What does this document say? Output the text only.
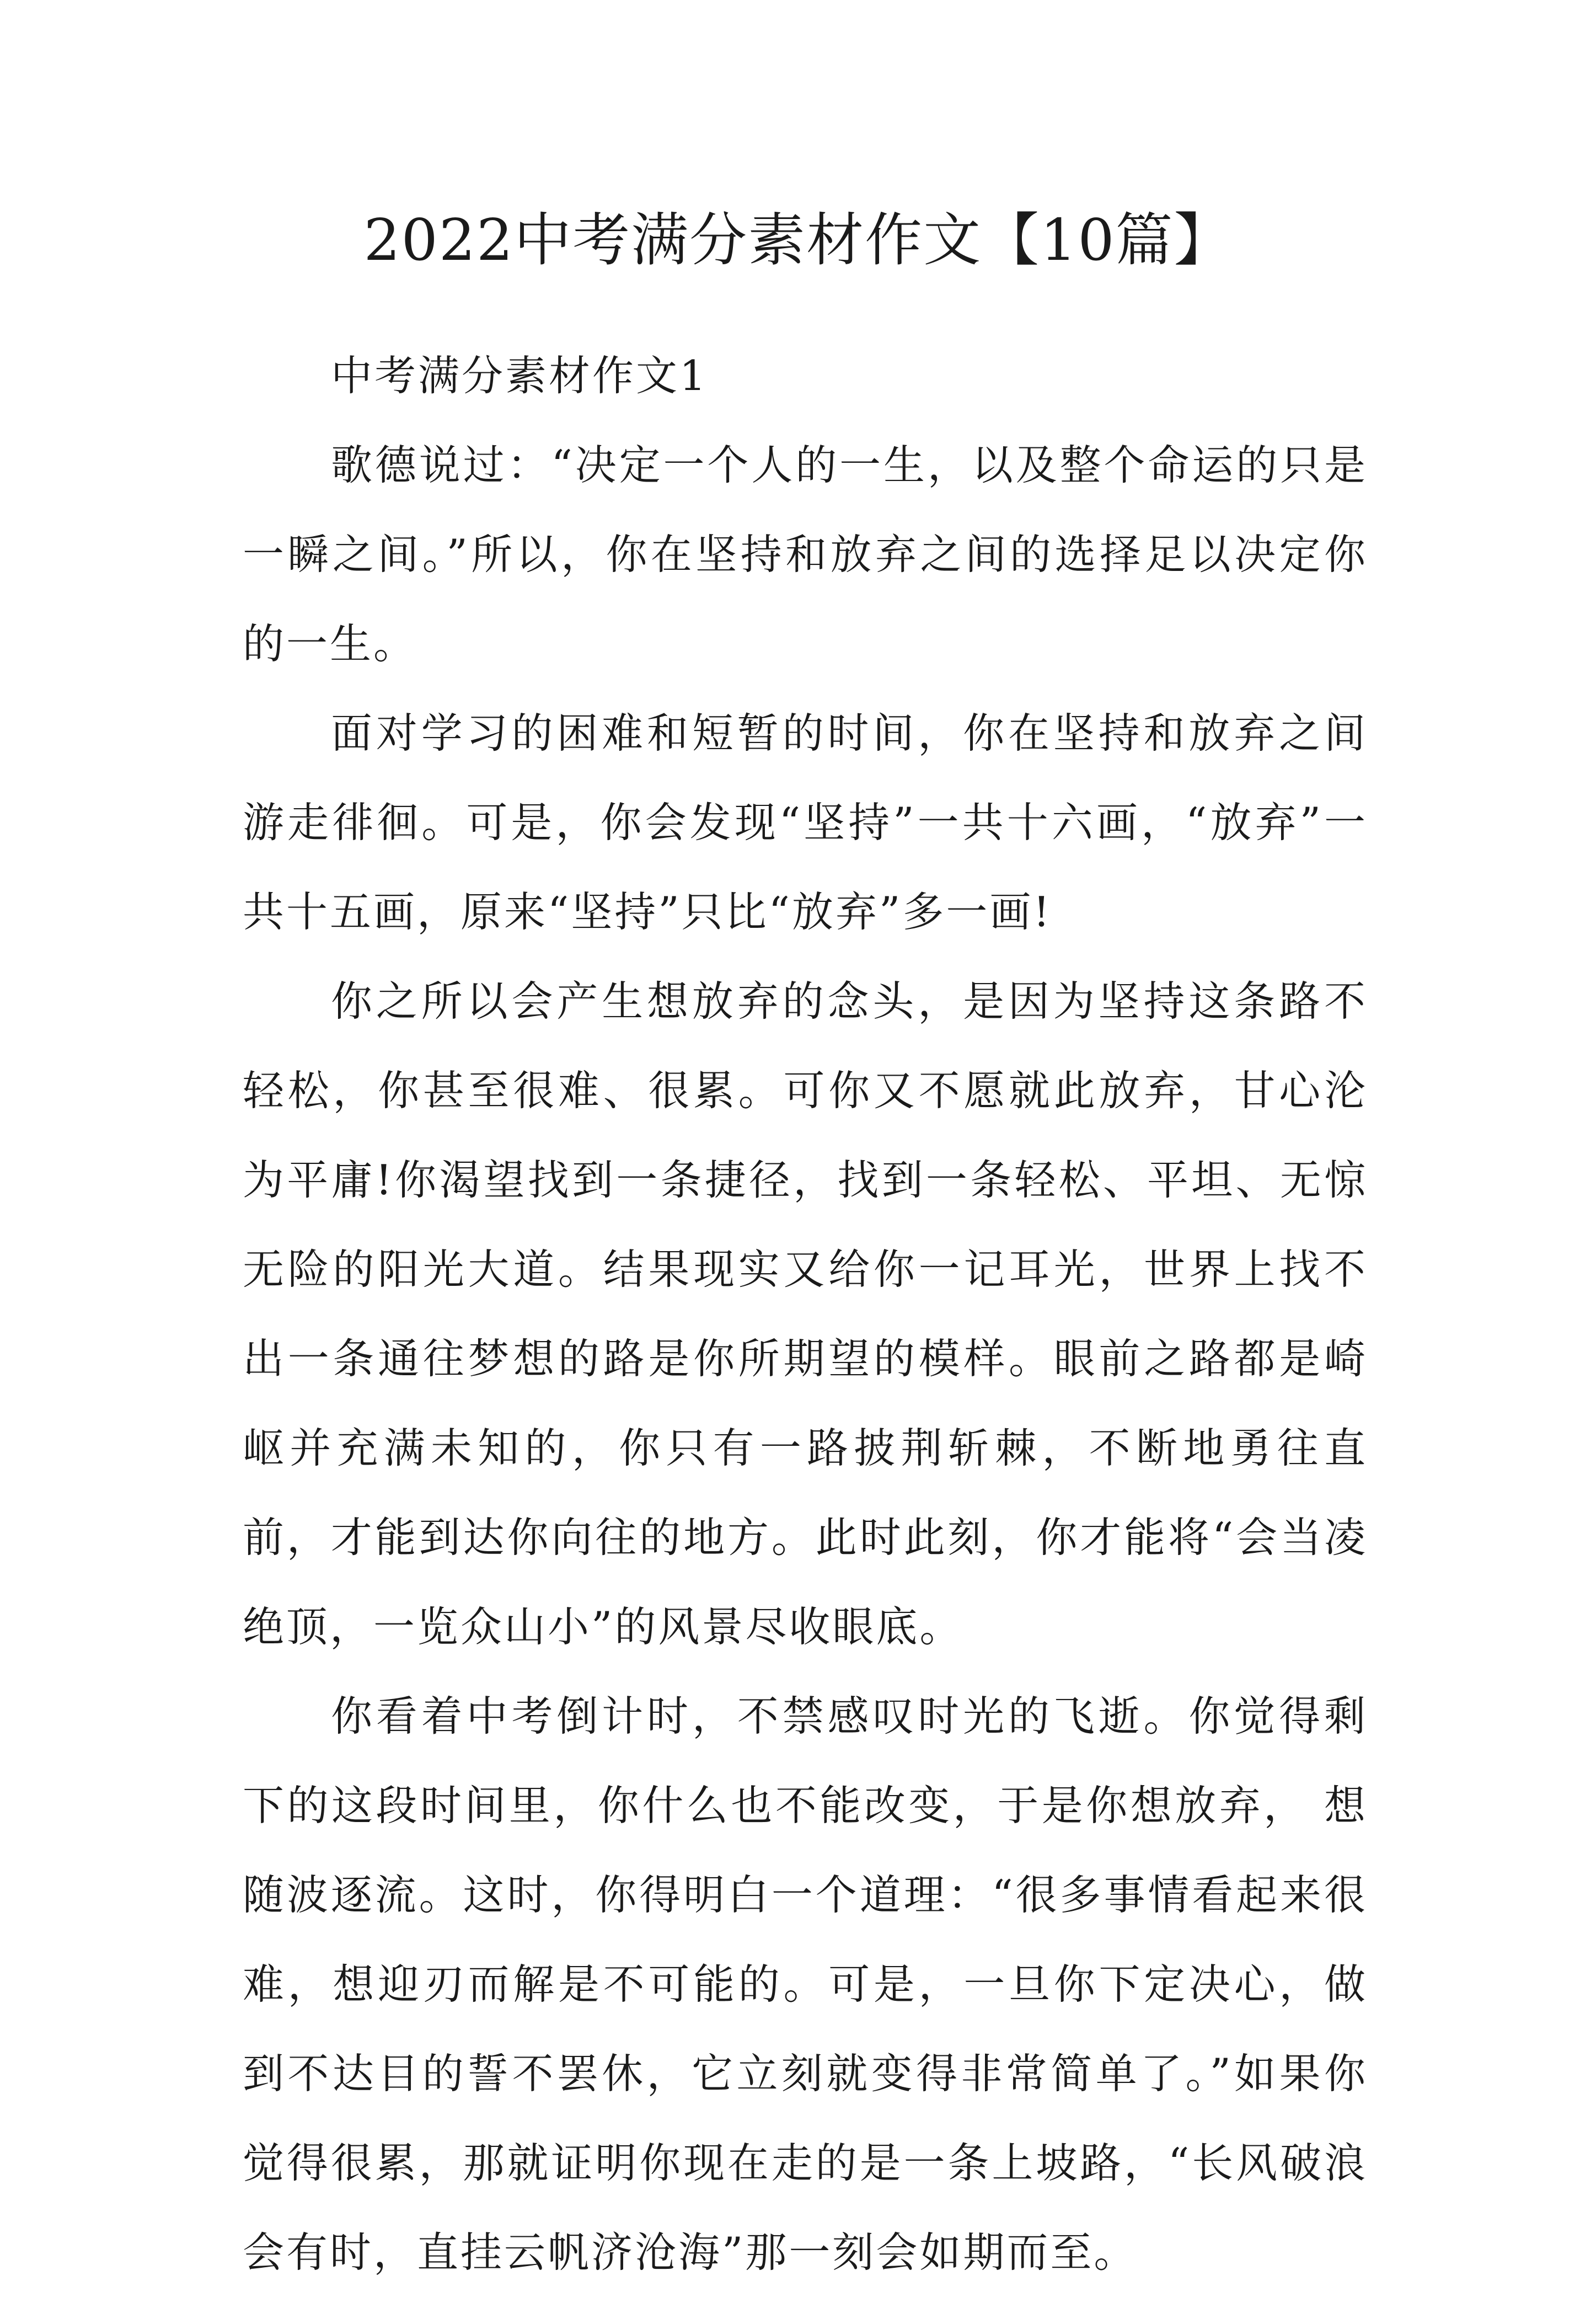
2022中考满分素材作文【10篇】

中考满分素材作文1

歌德说过：“决定一个人的一生，以及整个命运的只是一瞬之间。”所以，你在坚持和放弃之间的选择足以决定你的一生。

面对学习的困难和短暂的时间，你在坚持和放弃之间游走徘徊。可是，你会发现“坚持”一共十六画，“放弃”一共十五画，原来“坚持”只比“放弃”多一画!

你之所以会产生想放弃的念头，是因为坚持这条路不轻松，你甚至很难、很累。可你又不愿就此放弃，甘心沦为平庸!你渴望找到一条捷径，找到一条轻松、平坦、无惊无险的阳光大道。结果现实又给你一记耳光，世界上找不出一条通往梦想的路是你所期望的模样。眼前之路都是崎岖并充满未知的，你只有一路披荆斩棘，不断地勇往直前，才能到达你向往的地方。此时此刻，你才能将“会当凌绝顶，一览众山小”的风景尽收眼底。

你看着中考倒计时，不禁感叹时光的飞逝。你觉得剩下的这段时间里，你什么也不能改变，于是你想放弃， 想随波逐流。这时，你得明白一个道理：“很多事情看起来很难，想迎刃而解是不可能的。可是，一旦你下定决心，做到不达目的誓不罢休，它立刻就变得非常简单了。”如果你觉得很累，那就证明你现在走的是一条上坡路，“长风破浪会有时，直挂云帆济沧海”那一刻会如期而至。
